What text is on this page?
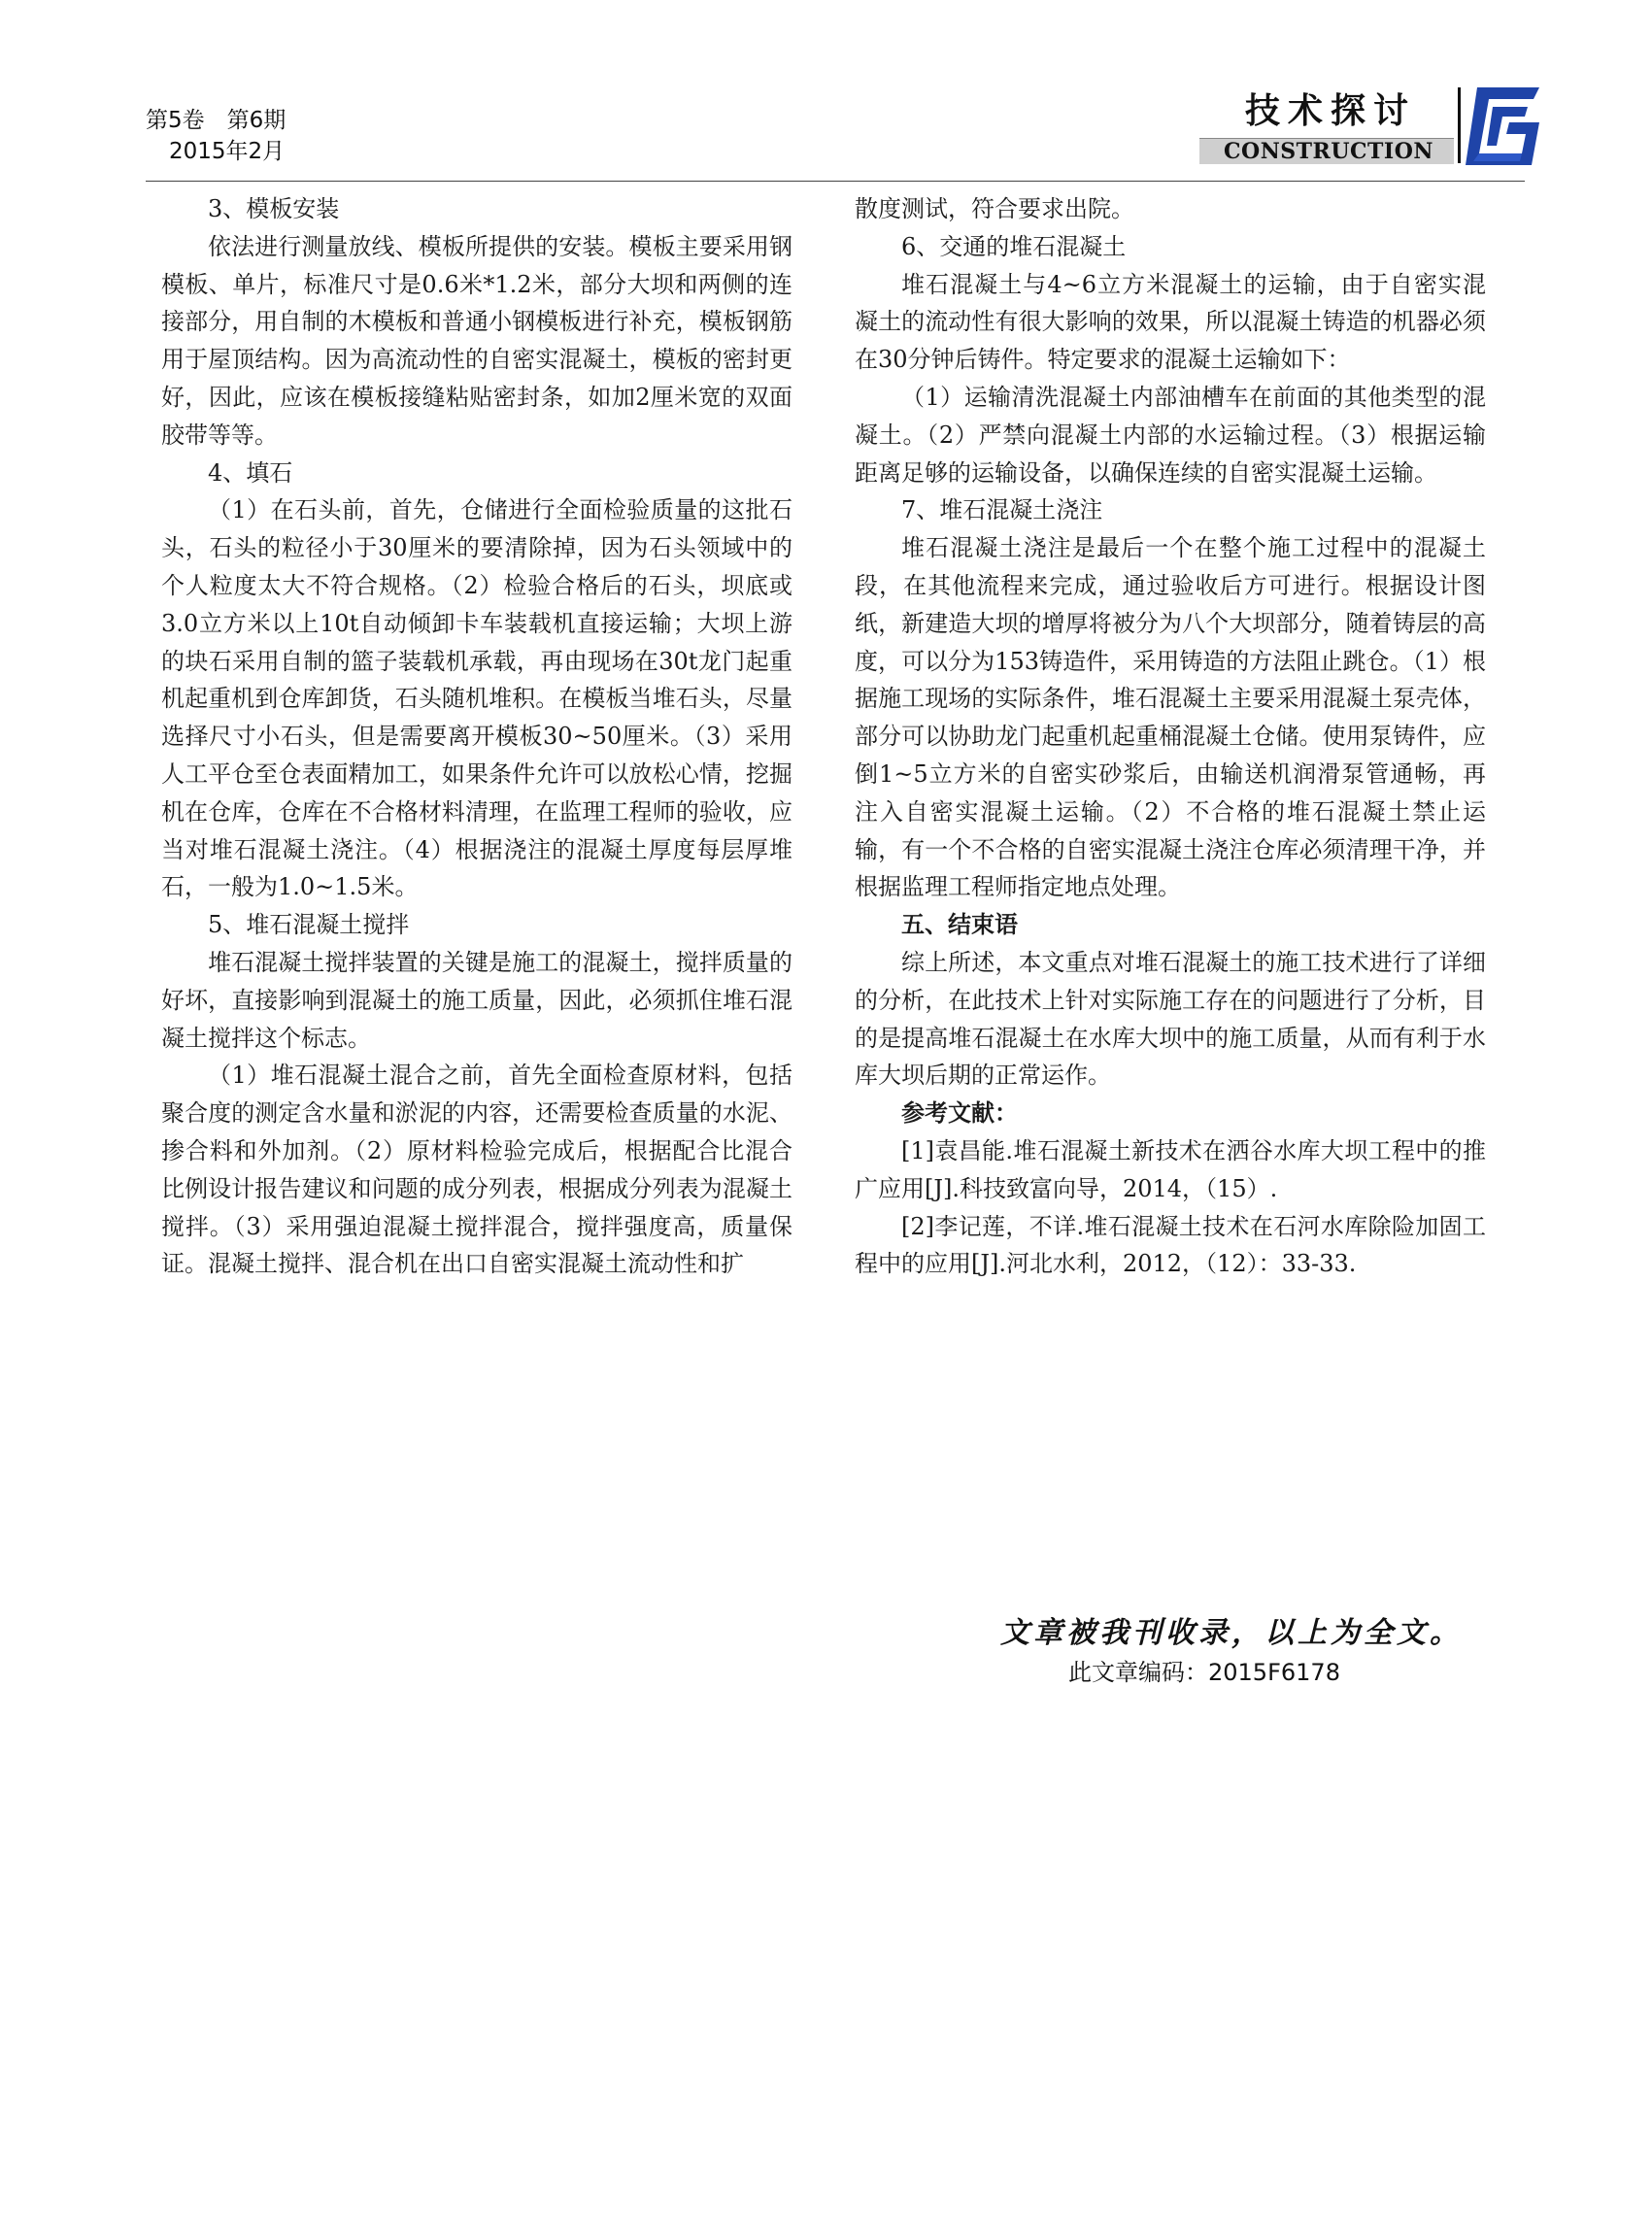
第5卷　第6期
2015年2月
技术探讨
CONSTRUCTION

3、模板安装

依法进行测量放线、模板所提供的安装。模板主要采用钢模板、单片，标准尺寸是0.6米*1.2米，部分大坝和两侧的连接部分，用自制的木模板和普通小钢模板进行补充，模板钢筋用于屋顶结构。因为高流动性的自密实混凝土，模板的密封更好，因此，应该在模板接缝粘贴密封条，如加2厘米宽的双面胶带等等。

4、填石

（1）在石头前，首先，仓储进行全面检验质量的这批石头，石头的粒径小于30厘米的要清除掉，因为石头领域中的个人粒度太大不符合规格。（2）检验合格后的石头，坝底或3.0立方米以上10t自动倾卸卡车装载机直接运输；大坝上游的块石采用自制的篮子装载机承载，再由现场在30t龙门起重机起重机到仓库卸货，石头随机堆积。在模板当堆石头，尽量选择尺寸小石头，但是需要离开模板30~50厘米。（3）采用人工平仓至仓表面精加工，如果条件允许可以放松心情，挖掘机在仓库，仓库在不合格材料清理，在监理工程师的验收，应当对堆石混凝土浇注。（4）根据浇注的混凝土厚度每层厚堆石，一般为1.0~1.5米。

5、堆石混凝土搅拌

堆石混凝土搅拌装置的关键是施工的混凝土，搅拌质量的好坏，直接影响到混凝土的施工质量，因此，必须抓住堆石混凝土搅拌这个标志。

（1）堆石混凝土混合之前，首先全面检查原材料，包括聚合度的测定含水量和淤泥的内容，还需要检查质量的水泥、掺合料和外加剂。（2）原材料检验完成后，根据配合比混合比例设计报告建议和问题的成分列表，根据成分列表为混凝土搅拌。（3）采用强迫混凝土搅拌混合，搅拌强度高，质量保证。混凝土搅拌、混合机在出口自密实混凝土流动性和扩

散度测试，符合要求出院。

6、交通的堆石混凝土

堆石混凝土与4~6立方米混凝土的运输，由于自密实混凝土的流动性有很大影响的效果，所以混凝土铸造的机器必须在30分钟后铸件。特定要求的混凝土运输如下：

（1）运输清洗混凝土内部油槽车在前面的其他类型的混凝土。（2）严禁向混凝土内部的水运输过程。（3）根据运输距离足够的运输设备，以确保连续的自密实混凝土运输。

7、堆石混凝土浇注

堆石混凝土浇注是最后一个在整个施工过程中的混凝土段，在其他流程来完成，通过验收后方可进行。根据设计图纸，新建造大坝的增厚将被分为八个大坝部分，随着铸层的高度，可以分为153铸造件，采用铸造的方法阻止跳仓。（1）根据施工现场的实际条件，堆石混凝土主要采用混凝土泵壳体，部分可以协助龙门起重机起重桶混凝土仓储。使用泵铸件，应倒1~5立方米的自密实砂浆后，由输送机润滑泵管通畅，再注入自密实混凝土运输。（2）不合格的堆石混凝土禁止运输，有一个不合格的自密实混凝土浇注仓库必须清理干净，并根据监理工程师指定地点处理。

五、结束语

综上所述，本文重点对堆石混凝土的施工技术进行了详细的分析，在此技术上针对实际施工存在的问题进行了分析，目的是提高堆石混凝土在水库大坝中的施工质量，从而有利于水库大坝后期的正常运作。

参考文献：

[1]袁昌能.堆石混凝土新技术在洒谷水库大坝工程中的推广应用[J].科技致富向导，2014，（15）.

[2]李记莲，不详.堆石混凝土技术在石河水库除险加固工程中的应用[J].河北水利，2012，（12）：33-33.

文章被我刊收录，以上为全文。
此文章编码：2015F6178
